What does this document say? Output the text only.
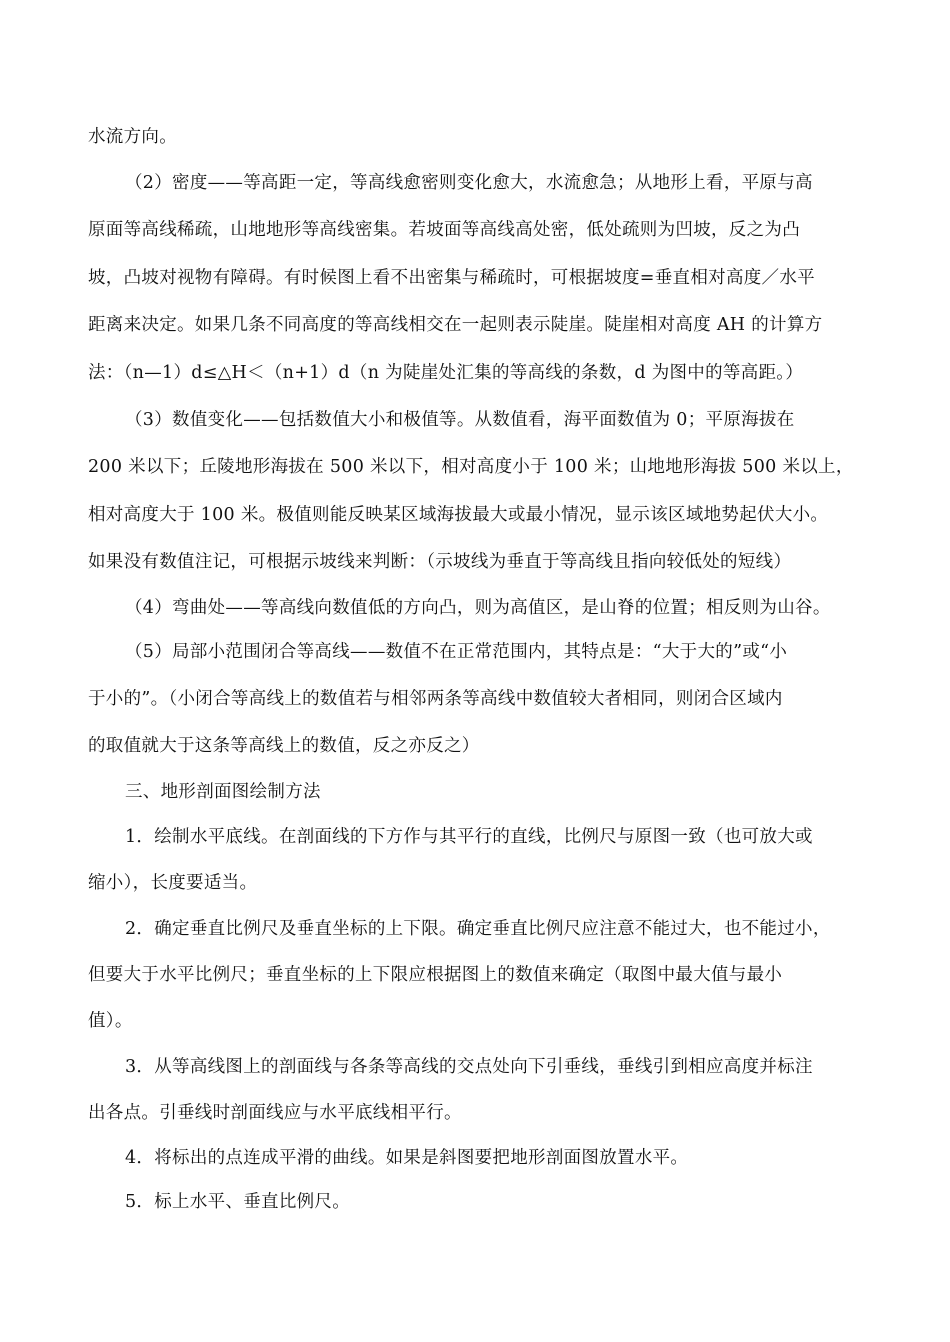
水流方向。
（2）密度——等高距一定，等高线愈密则变化愈大，水流愈急；从地形上看，平原与高
原面等高线稀疏，山地地形等高线密集。若坡面等高线高处密，低处疏则为凹坡，反之为凸
坡，凸坡对视物有障碍。有时候图上看不出密集与稀疏时，可根据坡度=垂直相对高度／水平
距离来决定。如果几条不同高度的等高线相交在一起则表示陡崖。陡崖相对高度 AH 的计算方
法：（n—1）d≤△H＜（n+1）d（n 为陡崖处汇集的等高线的条数，d 为图中的等高距。）
（3）数值变化——包括数值大小和极值等。从数值看，海平面数值为 0；平原海拔在
200 米以下；丘陵地形海拔在 500 米以下，相对高度小于 100 米；山地地形海拔 500 米以上，
相对高度大于 100 米。极值则能反映某区域海拔最大或最小情况，显示该区域地势起伏大小。
如果没有数值注记，可根据示坡线来判断：（示坡线为垂直于等高线且指向较低处的短线）
（4）弯曲处——等高线向数值低的方向凸，则为高值区，是山脊的位置；相反则为山谷。
（5）局部小范围闭合等高线——数值不在正常范围内，其特点是：“大于大的”或“小
于小的”。（小闭合等高线上的数值若与相邻两条等高线中数值较大者相同，则闭合区域内
的取值就大于这条等高线上的数值，反之亦反之）
三、地形剖面图绘制方法
1．绘制水平底线。在剖面线的下方作与其平行的直线，比例尺与原图一致（也可放大或
缩小），长度要适当。
2．确定垂直比例尺及垂直坐标的上下限。确定垂直比例尺应注意不能过大，也不能过小，
但要大于水平比例尺；垂直坐标的上下限应根据图上的数值来确定（取图中最大值与最小
值）。
3．从等高线图上的剖面线与各条等高线的交点处向下引垂线，垂线引到相应高度并标注
出各点。引垂线时剖面线应与水平底线相平行。
4．将标出的点连成平滑的曲线。如果是斜图要把地形剖面图放置水平。
5．标上水平、垂直比例尺。
